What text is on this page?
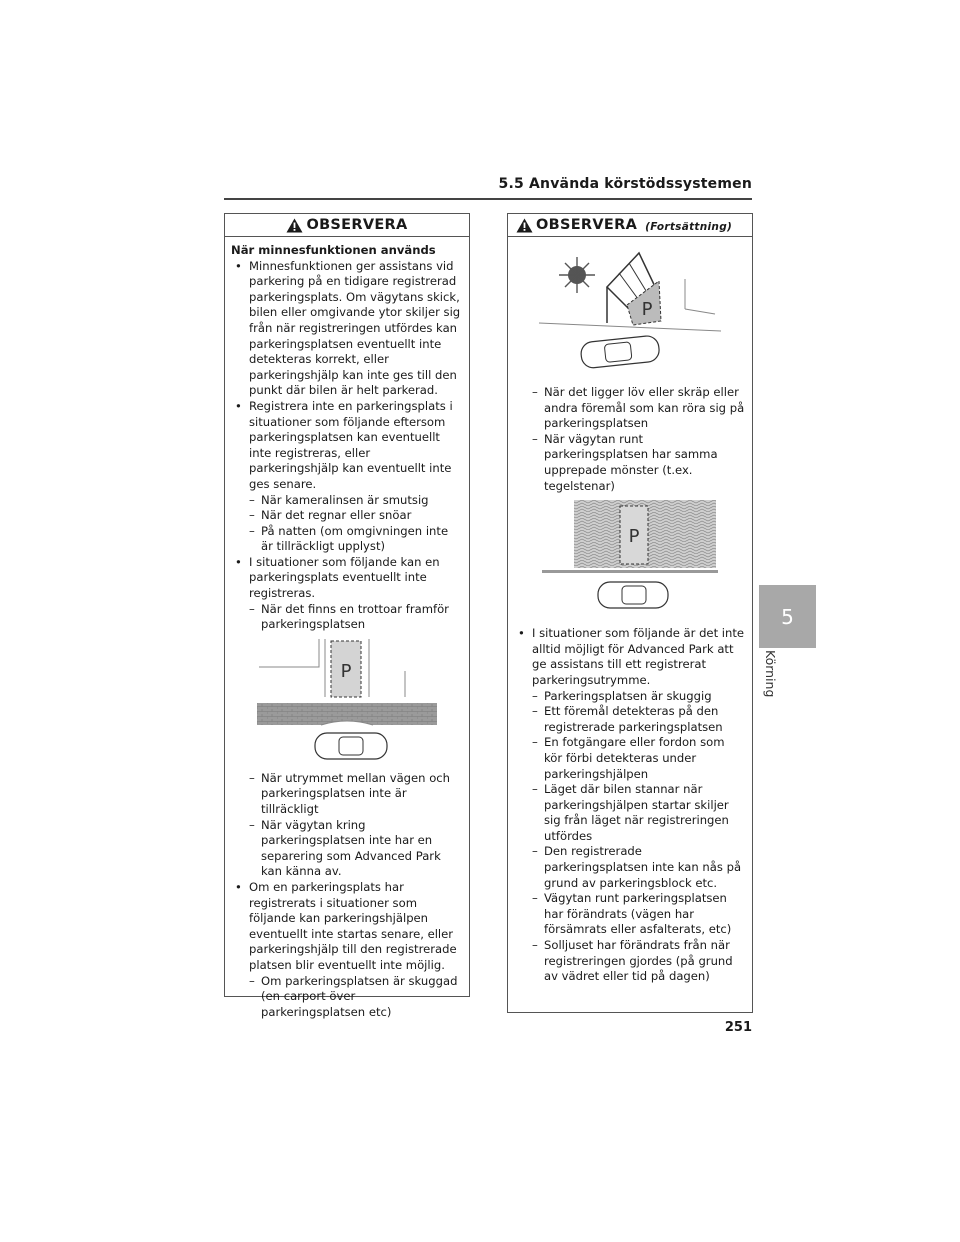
5.5 Använda körstödssystemen
OBSERVERA
När minnesfunktionen används
• Minnesfunktionen ger assistans vid parkering på en tidigare registrerad parkeringsplats. Om vägytans skick, bilen eller omgivande ytor skiljer sig från när registreringen utfördes kan parkeringsplatsen eventuellt inte detekteras korrekt, eller parkeringshjälp kan inte ges till den punkt där bilen är helt parkerad.
• Registrera inte en parkeringsplats i situationer som följande eftersom parkeringsplatsen kan eventuellt inte registreras, eller parkeringshjälp kan eventuellt inte ges senare.
– När kameralinsen är smutsig
– När det regnar eller snöar
– På natten (om omgivningen inte är tillräckligt upplyst)
• I situationer som följande kan en parkeringsplats eventuellt inte registreras.
– När det finns en trottoar framför parkeringsplatsen
P
– När utrymmet mellan vägen och parkeringsplatsen inte är tillräckligt
– När vägytan kring parkeringsplatsen inte har en separering som Advanced Park kan känna av.
• Om en parkeringsplats har registrerats i situationer som följande kan parkeringshjälpen eventuellt inte startas senare, eller parkeringshjälp till den registrerade platsen blir eventuellt inte möjlig.
– Om parkeringsplatsen är skuggad (en carport över parkeringsplatsen etc)
OBSERVERA (Fortsättning)
P
– När det ligger löv eller skräp eller andra föremål som kan röra sig på parkeringsplatsen
– När vägytan runt parkeringsplatsen har samma upprepade mönster (t.ex. tegelstenar)
P
• I situationer som följande är det inte alltid möjligt för Advanced Park att ge assistans till ett registrerat parkeringsutrymme.
– Parkeringsplatsen är skuggig
– Ett föremål detekteras på den registrerade parkeringsplatsen
– En fotgängare eller fordon som kör förbi detekteras under parkeringshjälpen
– Läget där bilen stannar när parkeringshjälpen startar skiljer sig från läget när registreringen utfördes
– Den registrerade parkeringsplatsen inte kan nås på grund av parkeringsblock etc.
– Vägytan runt parkeringsplatsen har förändrats (vägen har försämrats eller asfalterats, etc)
– Solljuset har förändrats från när registreringen gjordes (på grund av vädret eller tid på dagen)
5
Körning
251
